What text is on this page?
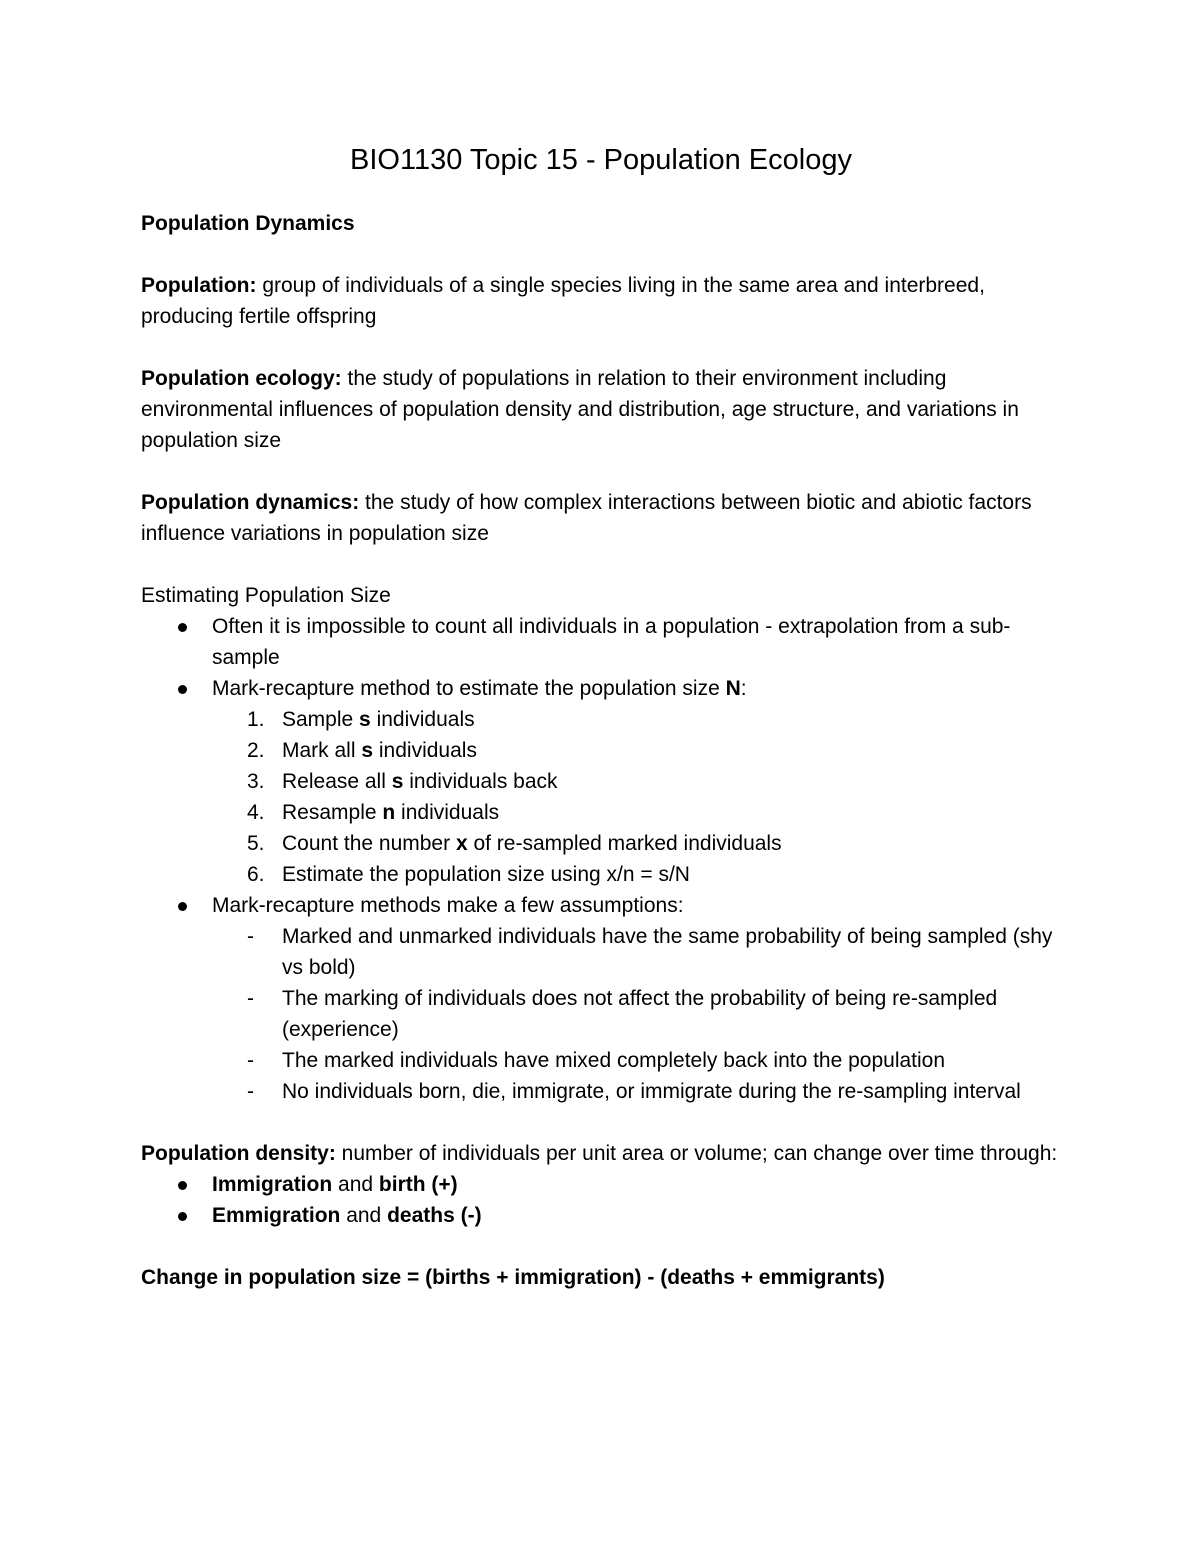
BIO1130 Topic 15 - Population Ecology

Population Dynamics

Population: group of individuals of a single species living in the same area and interbreed, producing fertile offspring

Population ecology: the study of populations in relation to their environment including environmental influences of population density and distribution, age structure, and variations in population size

Population dynamics: the study of how complex interactions between biotic and abiotic factors influence variations in population size

Estimating Population Size

Often it is impossible to count all individuals in a population - extrapolation from a sub-sample
Mark-recapture method to estimate the population size N:
1. Sample s individuals
2. Mark all s individuals
3. Release all s individuals back
4. Resample n individuals
5. Count the number x of re-sampled marked individuals
6. Estimate the population size using x/n = s/N
Mark-recapture methods make a few assumptions:
- Marked and unmarked individuals have the same probability of being sampled (shy vs bold)
- The marking of individuals does not affect the probability of being re-sampled (experience)
- The marked individuals have mixed completely back into the population
- No individuals born, die, immigrate, or immigrate during the re-sampling interval

Population density: number of individuals per unit area or volume; can change over time through:

Immigration and birth (+)
Emmigration and deaths (-)

Change in population size = (births + immigration) - (deaths + emmigrants)
